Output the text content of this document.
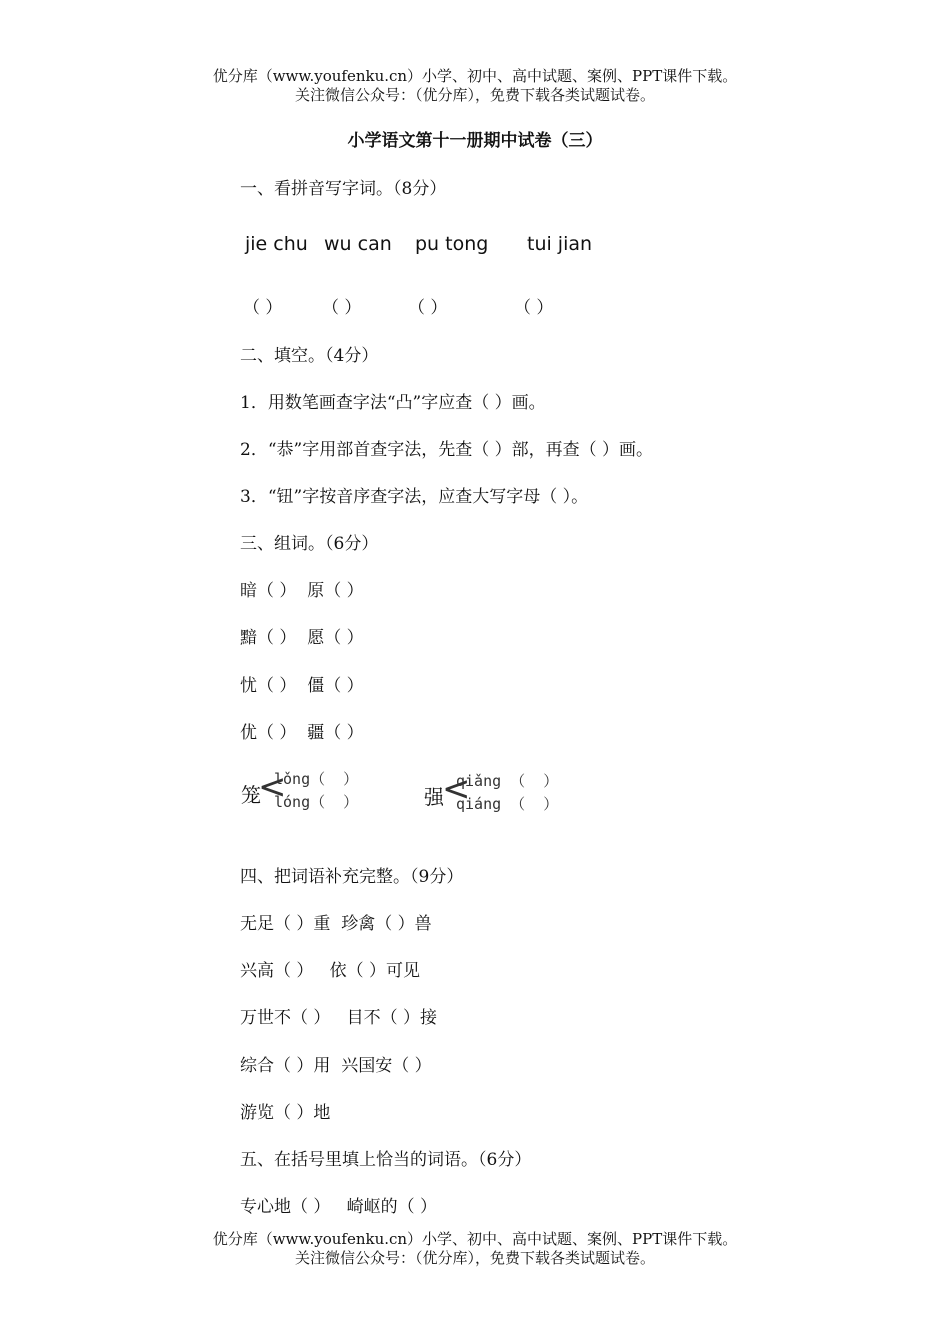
优分库（www.youfenku.cn）小学、初中、高中试题、案例、PPT课件下载。
关注微信公众号：（优分库），免费下载各类试题试卷。
小学语文第十一册期中试卷（三）
一、看拼音写字词。（8分）
jie chu wu can pu tong tui jian
（ ） （ ）	（ ）	（ ）
二、填空。（4分）
1．用数笔画查字法“凸”字应查（ ）画。
2．“恭”字用部首查字法，先查（ ）部，再查（ ）画。
3．“钮”字按音序查字法，应查大写字母（ ）。
三、组词。（6分）
暗（ ）  原（ ）
黯（ ）  愿（ ）
忧（ ）  僵（ ）
优（ ）  疆（ ）
笼
<
lǒng（  ）
lóng（  ）	强
<
qiǎng （  ）
qiáng （  ）
四、把词语补充完整。（9分）
无足（ ）重  珍禽（ ）兽
兴高（ ）   依（ ）可见
万世不（ ）   目不（ ）接
综合（ ）用  兴国安（ ）
游览（ ）地
五、在括号里填上恰当的词语。（6分）
专心地（ ）   崎岖的（ ）
优分库（www.youfenku.cn）小学、初中、高中试题、案例、PPT课件下载。
关注微信公众号：（优分库），免费下载各类试题试卷。
